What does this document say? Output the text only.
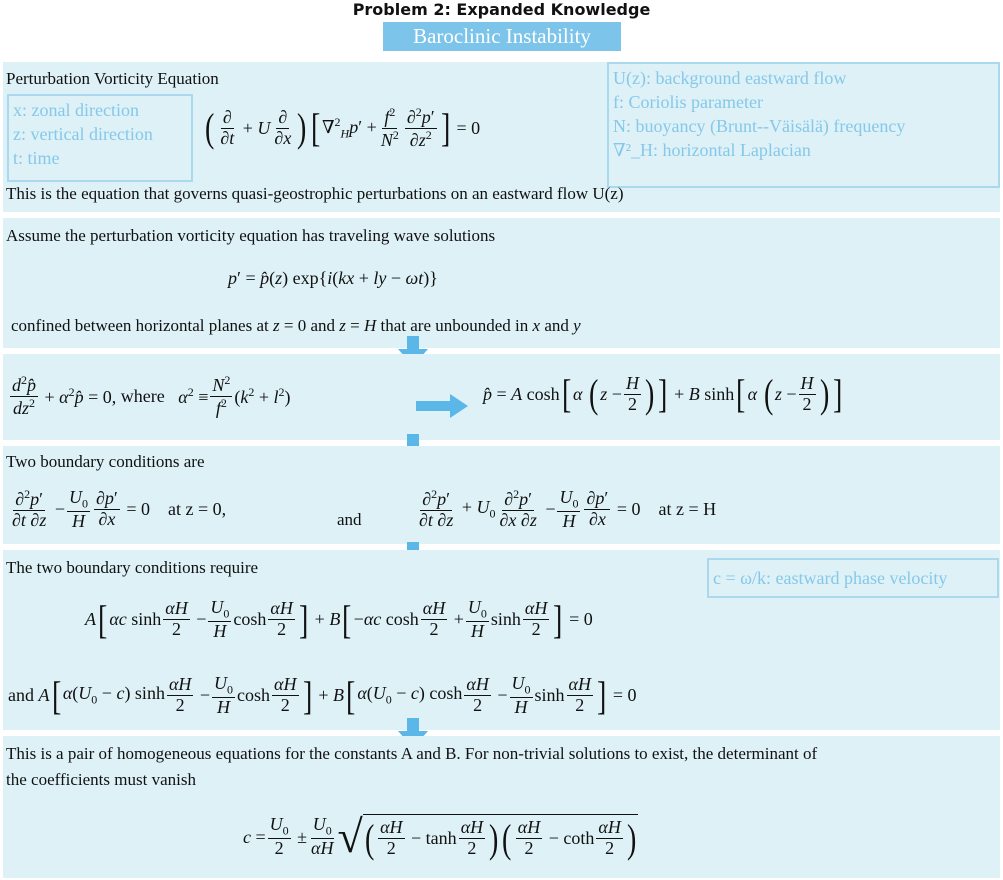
Problem 2: Expanded Knowledge
Baroclinic Instability
Perturbation Vorticity Equation
x: zonal direction
z: vertical direction
t: time
( $\frac{\partial}{\partial t} + U \frac{\partial}{\partial x}$ ) [ $\nabla^2_Hp' + \frac{f^2}{N^2} \frac{\partial^2p'}{\partial z^2}$ ] = 0
U(z): background eastward flow
f: Coriolis parameter
N: buoyancy (Brunt--Väisälä) frequency
∇²_H: horizontal Laplacian
This is the equation that governs quasi-geostrophic perturbations on an eastward flow U(z)
Assume the perturbation vorticity equation has traveling wave solutions
p′ = p̂(z) exp{i(kx + ly − ωt)}
confined between horizontal planes at z = 0 and z = H that are unbounded in x and y
$\frac{d^2p̂}{dz^2}$ + $\alpha^2p̂ = 0$, where $\alpha^2 \equiv \frac{N^2}{f^2} (k^2 + l^2)$	p̂ = A cosh [ α ( $z - \frac{H}{2}$ ) ] + B sinh [ α ( $z - \frac{H}{2}$ ) ]
Two boundary conditions are
$\frac{\partial^2p'}{\partial t \partial z} - \frac{U_0}{H} \frac{\partial p'}{\partial x} = 0$ at z = 0,
and	$\frac{\partial^2p'}{\partial t \partial z} + U_0 \frac{\partial^2p'}{\partial x \partial z} - \frac{U_0}{H} \frac{\partial p'}{\partial x} = 0$ at z = H
The two boundary conditions require
c = ω/k: eastward phase velocity
A [ αc $\sinh \frac{\alpha H}{2} - \frac{U_0}{H}$ $\cosh \frac{\alpha H}{2}$ ] + B [ −αc $\cosh \frac{\alpha H}{2} + \frac{U_0}{H}$ $\sinh \frac{\alpha H}{2}$ ] = 0
and A [ $\alpha(U_0 - c)$ $\sinh \frac{\alpha H}{2} - \frac{U_0}{H}$ $\cosh \frac{\alpha H}{2}$ ] + B [ $\alpha(U_0 - c)$ $\cosh \frac{\alpha H}{2} - \frac{U_0}{H}$ $\sinh \frac{\alpha H}{2}$ ] = 0
This is a pair of homogeneous equations for the constants A and B. For non-trivial solutions to exist, the determinant of
the coefficients must vanish
$c = \frac{U_0}{2} \pm \frac{U_0}{\alpha H}$ √ ( $\frac{\alpha H}{2} - \tanh \frac{\alpha H}{2}$ ) ( $\frac{\alpha H}{2} - \cot h \frac{\alpha H}{2}$ )
